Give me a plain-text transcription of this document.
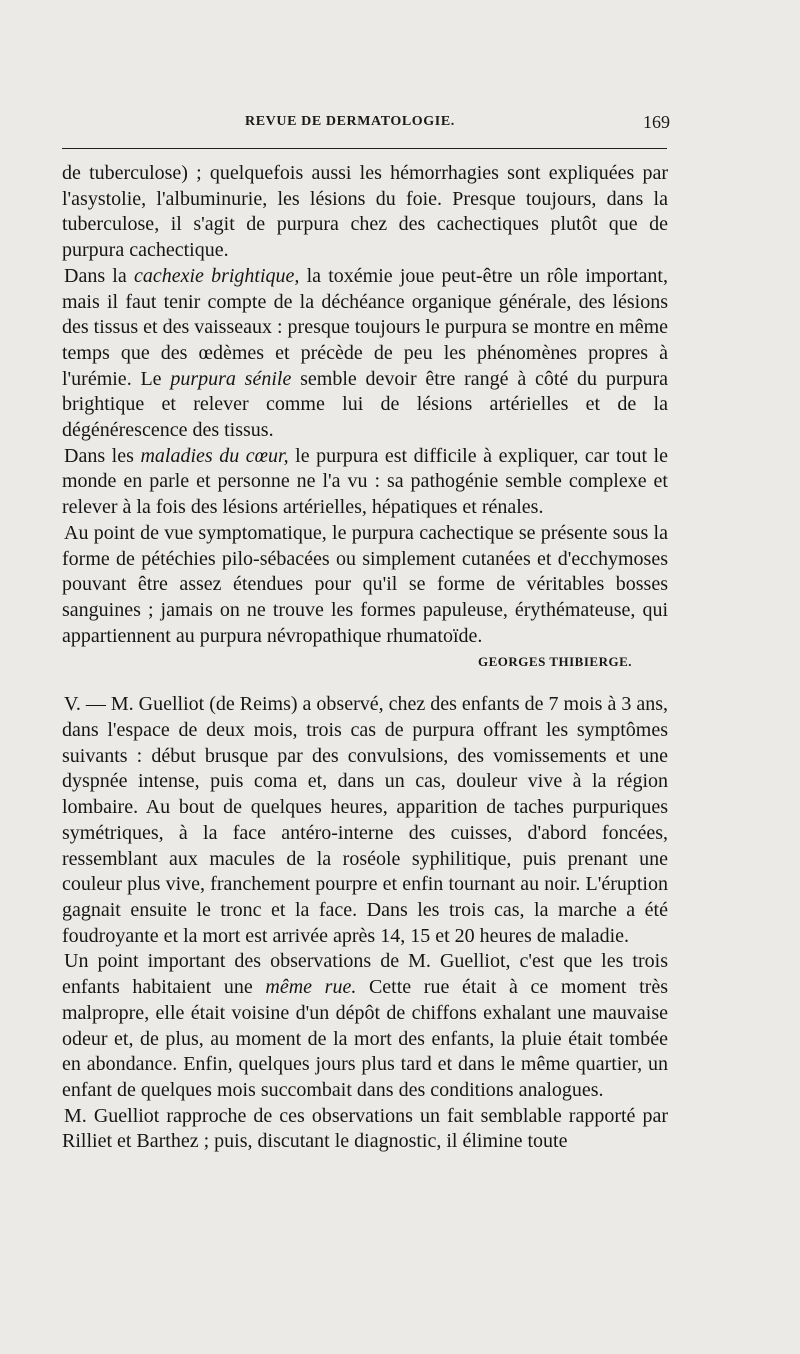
REVUE DE DERMATOLOGIE.	169

de tuberculose) ; quelquefois aussi les hémorrhagies sont expliquées par l'asystolie, l'albuminurie, les lésions du foie. Presque toujours, dans la tuberculose, il s'agit de purpura chez des cachectiques plutôt que de purpura cachectique.

Dans la cachexie brightique, la toxémie joue peut-être un rôle important, mais il faut tenir compte de la déchéance organique générale, des lésions des tissus et des vaisseaux : presque toujours le purpura se montre en même temps que des œdèmes et précède de peu les phénomènes propres à l'urémie. Le purpura sénile semble devoir être rangé à côté du purpura brightique et relever comme lui de lésions artérielles et de la dégénérescence des tissus.

Dans les maladies du cœur, le purpura est difficile à expliquer, car tout le monde en parle et personne ne l'a vu : sa pathogénie semble complexe et relever à la fois des lésions artérielles, hépatiques et rénales.

Au point de vue symptomatique, le purpura cachectique se présente sous la forme de pétéchies pilo-sébacées ou simplement cutanées et d'ecchymoses pouvant être assez étendues pour qu'il se forme de véritables bosses sanguines ; jamais on ne trouve les formes papuleuse, érythémateuse, qui appartiennent au purpura névropathique rhumatoïde.

GEORGES THIBIERGE.

V. — M. Guelliot (de Reims) a observé, chez des enfants de 7 mois à 3 ans, dans l'espace de deux mois, trois cas de purpura offrant les symptômes suivants : début brusque par des convulsions, des vomissements et une dyspnée intense, puis coma et, dans un cas, douleur vive à la région lombaire. Au bout de quelques heures, apparition de taches purpuriques symétriques, à la face antéro-interne des cuisses, d'abord foncées, ressemblant aux macules de la roséole syphilitique, puis prenant une couleur plus vive, franchement pourpre et enfin tournant au noir. L'éruption gagnait ensuite le tronc et la face. Dans les trois cas, la marche a été foudroyante et la mort est arrivée après 14, 15 et 20 heures de maladie.

Un point important des observations de M. Guelliot, c'est que les trois enfants habitaient une même rue. Cette rue était à ce moment très malpropre, elle était voisine d'un dépôt de chiffons exhalant une mauvaise odeur et, de plus, au moment de la mort des enfants, la pluie était tombée en abondance. Enfin, quelques jours plus tard et dans le même quartier, un enfant de quelques mois succombait dans des conditions analogues.

M. Guelliot rapproche de ces observations un fait semblable rapporté par Rilliet et Barthez ; puis, discutant le diagnostic, il élimine toute
